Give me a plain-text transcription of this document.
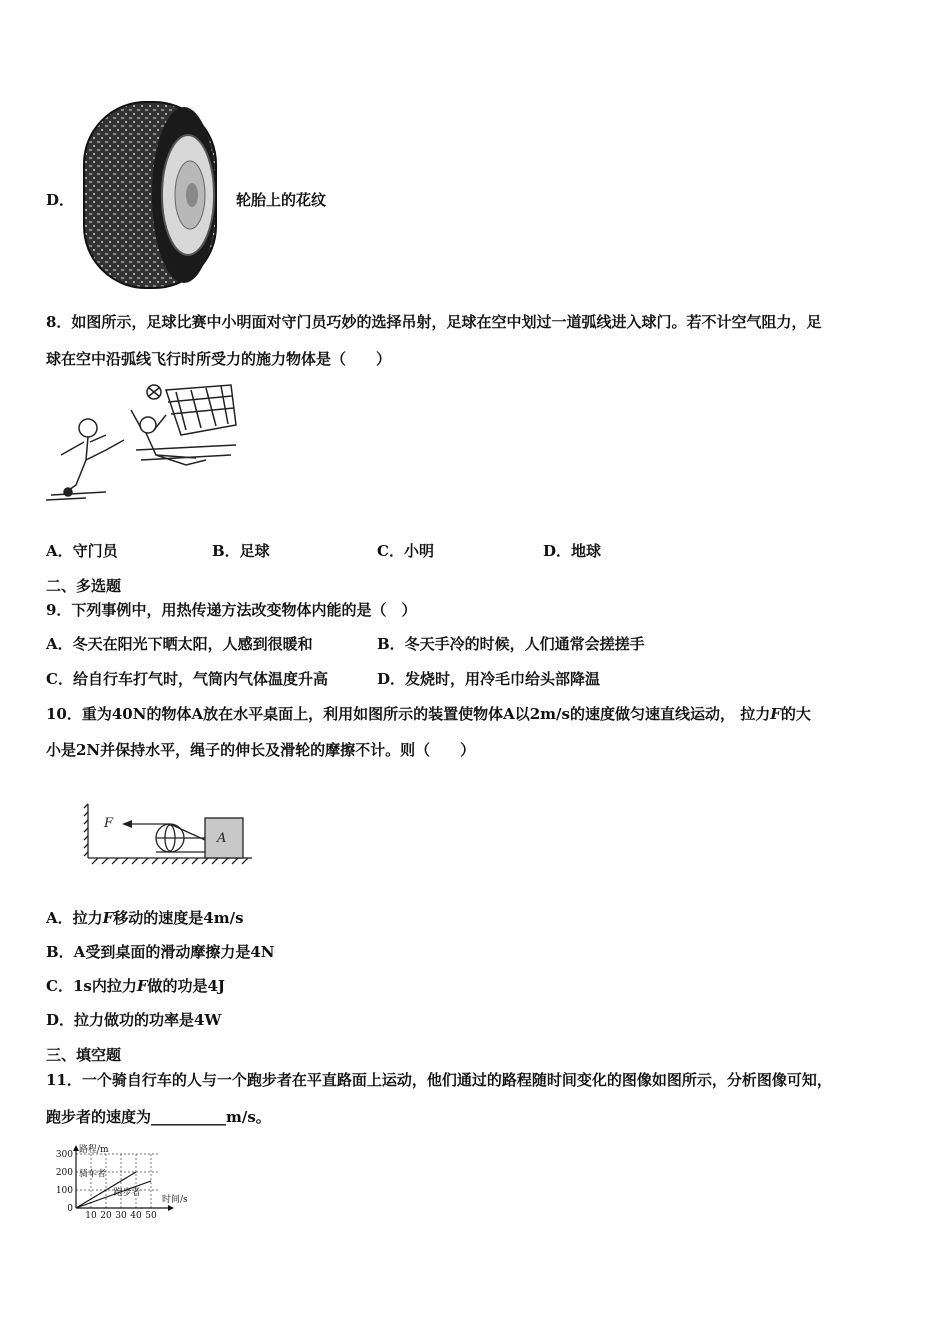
D．	轮胎上的花纹
8．如图所示，足球比赛中小明面对守门员巧妙的选择吊射，足球在空中划过一道弧线进入球门。若不计空气阻力，足
球在空中沿弧线飞行时所受力的施力物体是（　　）
A．守门员	B．足球	C．小明	D．地球
二、多选题
9．下列事例中，用热传递方法改变物体内能的是（　）
A．冬天在阳光下晒太阳，人感到很暖和	B．冬天手冷的时候，人们通常会搓搓手
C．给自行车打气时，气筒内气体温度升高	D．发烧时，用冷毛巾给头部降温
10．重为40N的物体A放在水平桌面上，利用如图所示的装置使物体A以2m/s的速度做匀速直线运动， 拉力F的大
小是2N并保持水平，绳子的伸长及滑轮的摩擦不计。则（　　）
F
A
A．拉力F移动的速度是4m/s
B．A受到桌面的滑动摩擦力是4N
C．1s内拉力F做的功是4J
D．拉力做功的功率是4W
三、填空题
11．一个骑自行车的人与一个跑步者在平直路面上运动，他们通过的路程随时间变化的图像如图所示，分析图像可知，
跑步者的速度为__________m/s。
路程/m
时间/s
300
200
100
0
10 20 30 40 50
骑车者
跑步者
